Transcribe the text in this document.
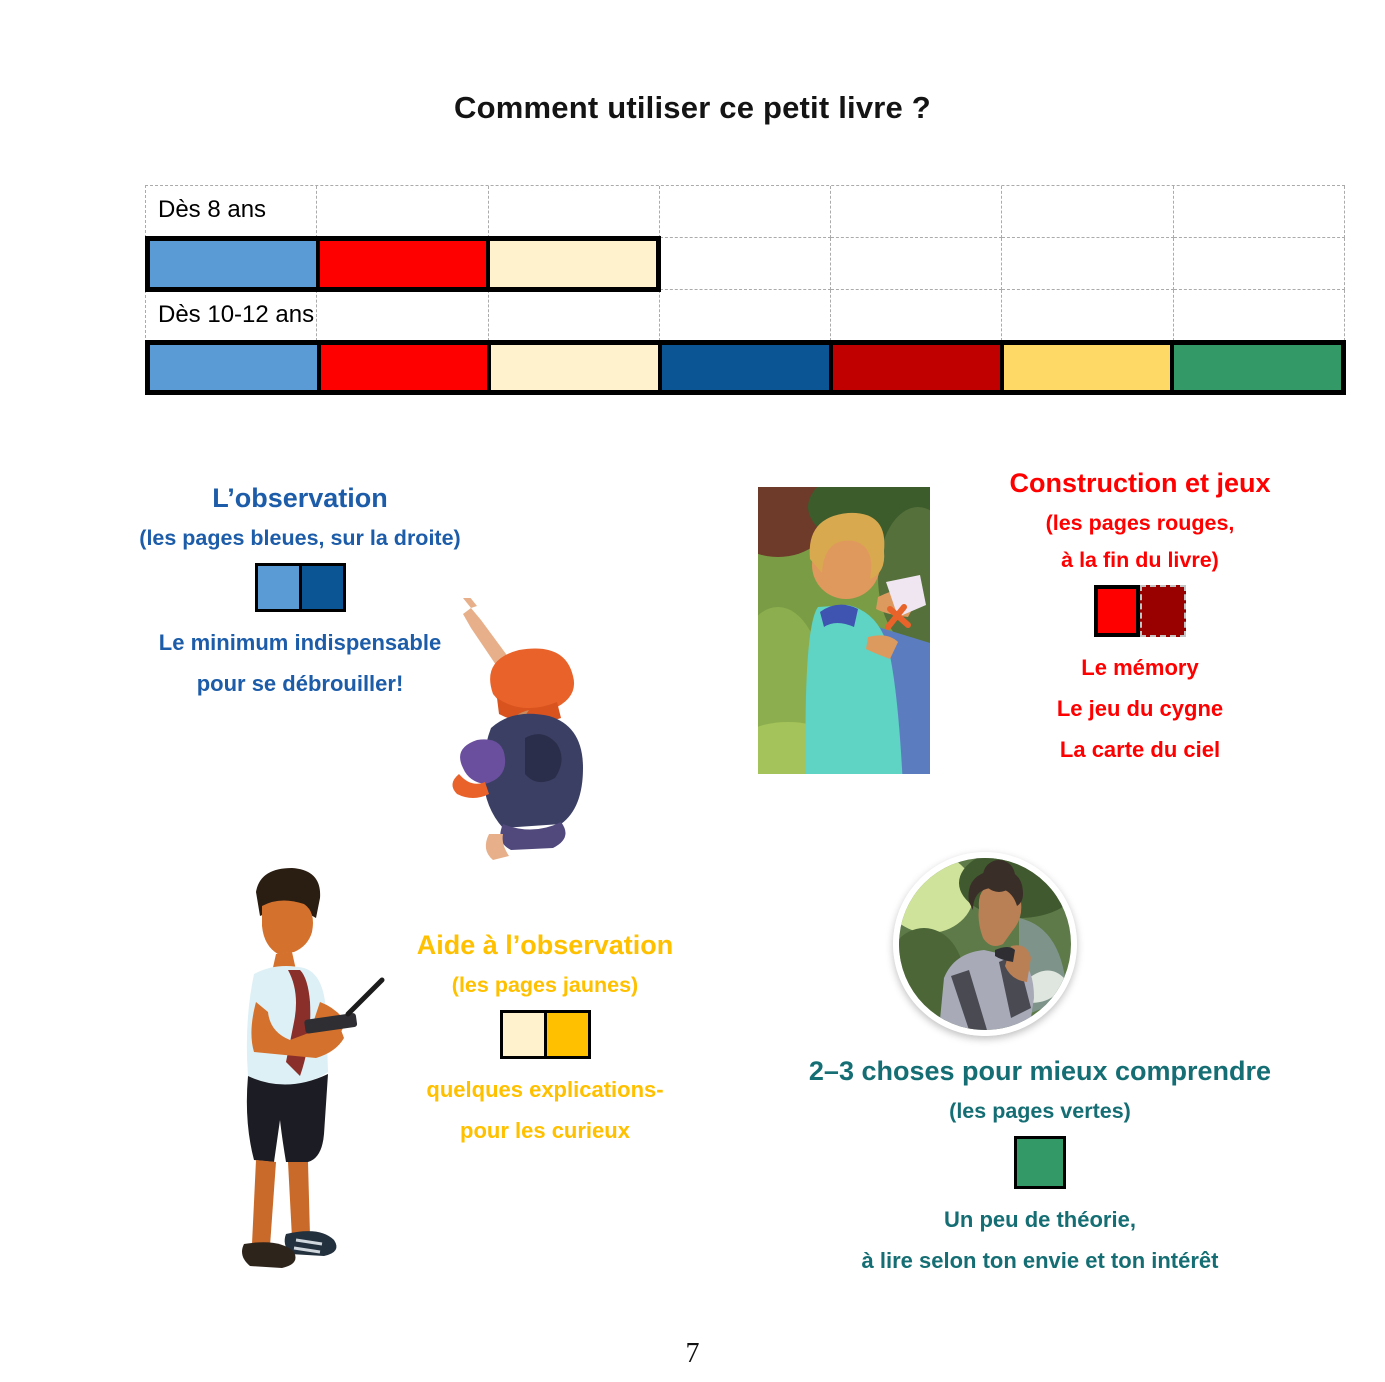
Comment utiliser ce petit livre ?
Dès 8 ans
Dès 10-12 ans
L’observation
(les pages bleues, sur la droite)
Le minimum indispensable
pour se débrouiller!
Construction et jeux
(les pages rouges,
à la fin du livre)
Le mémory
Le jeu du cygne
La carte du ciel
Aide à l’observation
(les pages jaunes)
quelques explications-
pour les curieux
2–3 choses pour mieux comprendre
(les pages vertes)
Un peu de théorie,
à lire selon ton envie et ton intérêt
7
